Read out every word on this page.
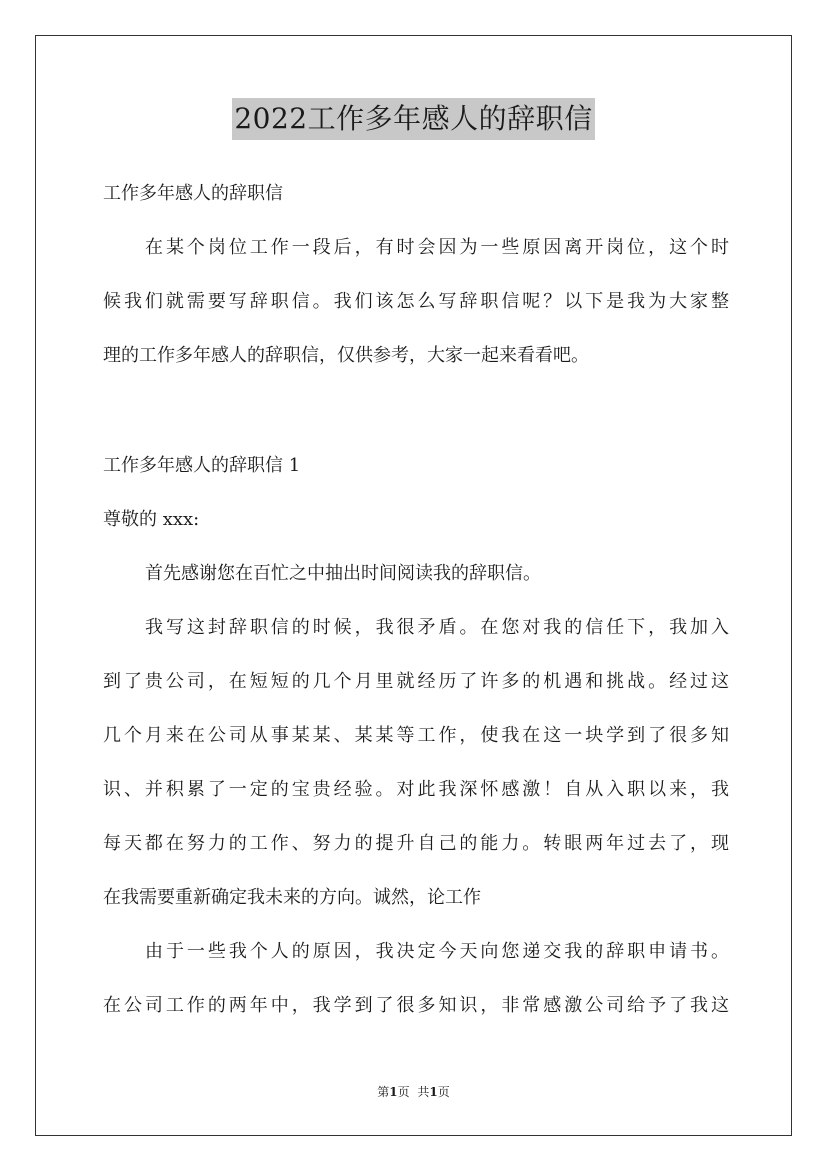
2022工作多年感人的辞职信
工作多年感人的辞职信
在某个岗位工作一段后，有时会因为一些原因离开岗位，这个时
候我们就需要写辞职信。我们该怎么写辞职信呢？以下是我为大家整
理的工作多年感人的辞职信，仅供参考，大家一起来看看吧。
工作多年感人的辞职信 1
尊敬的 xxx:
首先感谢您在百忙之中抽出时间阅读我的辞职信。
我写这封辞职信的时候，我很矛盾。在您对我的信任下，我加入
到了贵公司，在短短的几个月里就经历了许多的机遇和挑战。经过这
几个月来在公司从事某某、某某等工作，使我在这一块学到了很多知
识、并积累了一定的宝贵经验。对此我深怀感激！自从入职以来，我
每天都在努力的工作、努力的提升自己的能力。转眼两年过去了，现
在我需要重新确定我未来的方向。诚然，论工作
由于一些我个人的原因，我决定今天向您递交我的辞职申请书。
在公司工作的两年中，我学到了很多知识，非常感激公司给予了我这
第1页 共1页
